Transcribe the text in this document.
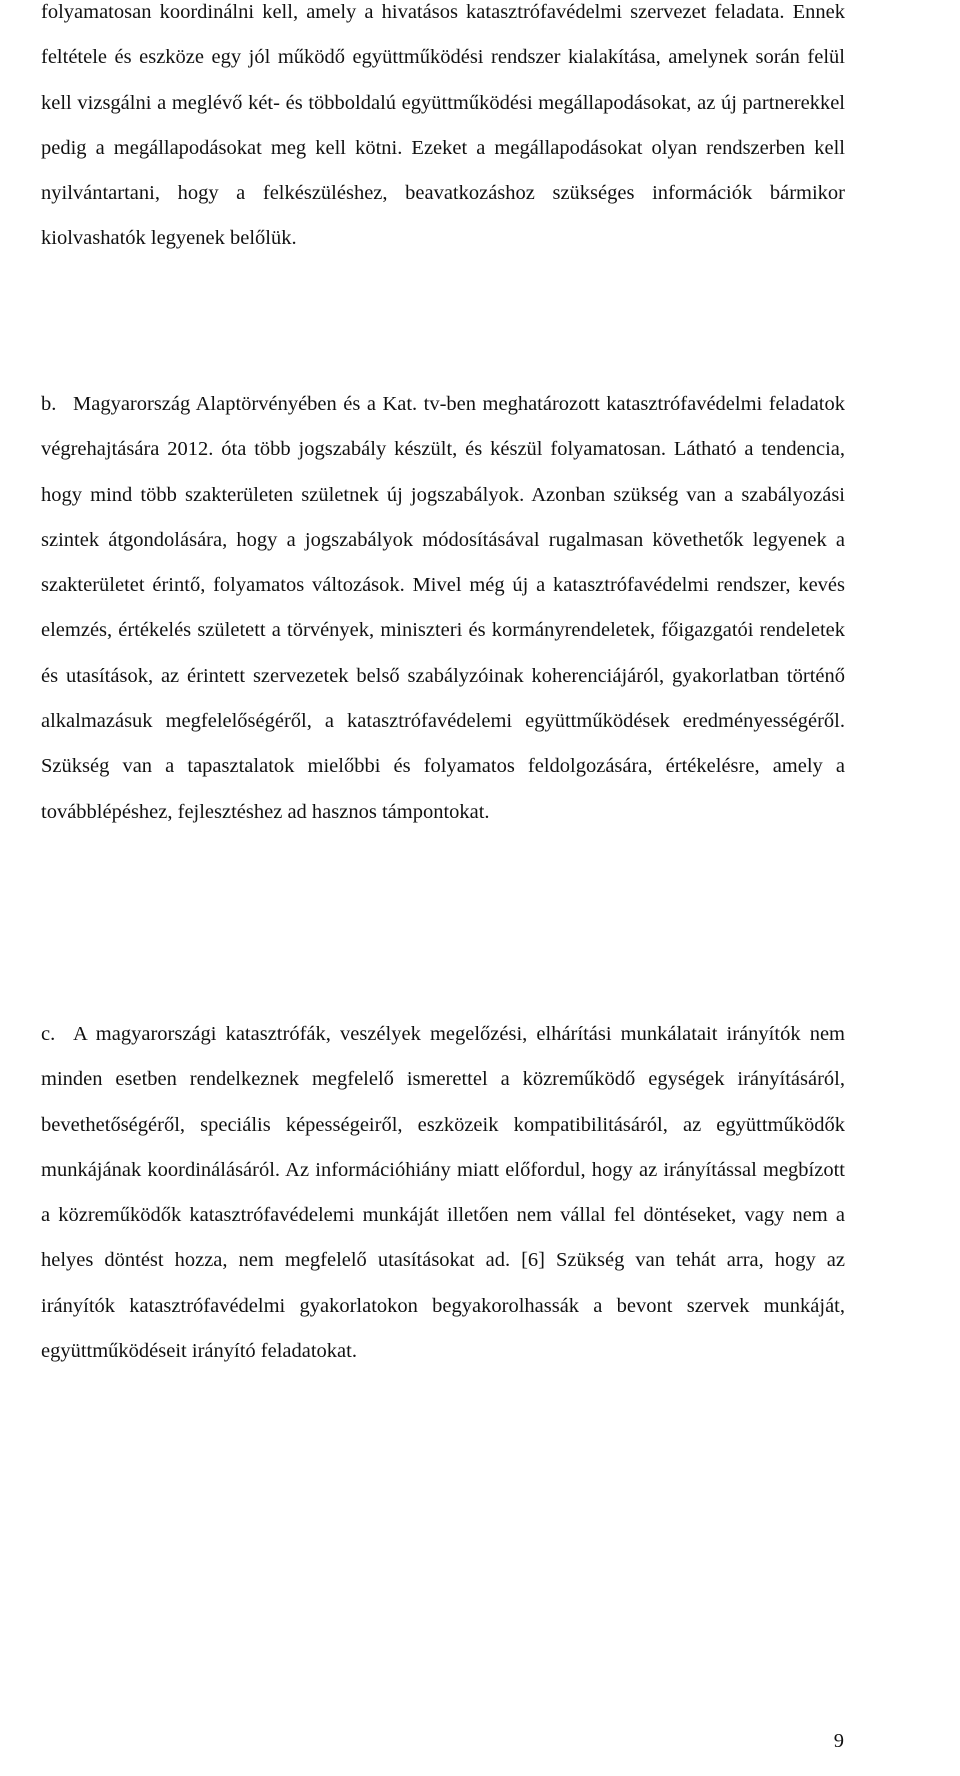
folyamatosan koordinálni kell, amely a hivatásos katasztrófavédelmi szervezet feladata. Ennek feltétele és eszköze egy jól működő együttműködési rendszer kialakítása, amelynek során felül kell vizsgálni a meglévő két- és többoldalú együttműködési megállapodásokat, az új partnerekkel pedig a megállapodásokat meg kell kötni. Ezeket a megállapodásokat olyan rendszerben kell nyilvántartani, hogy a felkészüléshez, beavatkozáshoz szükséges információk bármikor kiolvashatók legyenek belőlük.

b. Magyarország Alaptörvényében és a Kat. tv-ben meghatározott katasztrófavédelmi feladatok végrehajtására 2012. óta több jogszabály készült, és készül folyamatosan. Látható a tendencia, hogy mind több szakterületen születnek új jogszabályok. Azonban szükség van a szabályozási szintek átgondolására, hogy a jogszabályok módosításával rugalmasan követhetők legyenek a szakterületet érintő, folyamatos változások. Mivel még új a katasztrófavédelmi rendszer, kevés elemzés, értékelés született a törvények, miniszteri és kormányrendeletek, főigazgatói rendeletek és utasítások, az érintett szervezetek belső szabályzóinak koherenciájáról, gyakorlatban történő alkalmazásuk megfelelőségéről, a katasztrófavédelemi együttműködések eredményességéről. Szükség van a tapasztalatok mielőbbi és folyamatos feldolgozására, értékelésre, amely a továbblépéshez, fejlesztéshez ad hasznos támpontokat.

c. A magyarországi katasztrófák, veszélyek megelőzési, elhárítási munkálatait irányítók nem minden esetben rendelkeznek megfelelő ismerettel a közreműködő egységek irányításáról, bevethetőségéről, speciális képességeiről, eszközeik kompatibilitásáról, az együttműködők munkájának koordinálásáról. Az információhiány miatt előfordul, hogy az irányítással megbízott a közreműködők katasztrófavédelemi munkáját illetően nem vállal fel döntéseket, vagy nem a helyes döntést hozza, nem megfelelő utasításokat ad. [6] Szükség van tehát arra, hogy az irányítók katasztrófavédelmi gyakorlatokon begyakorolhassák a bevont szervek munkáját, együttműködéseit irányító feladatokat.

9
